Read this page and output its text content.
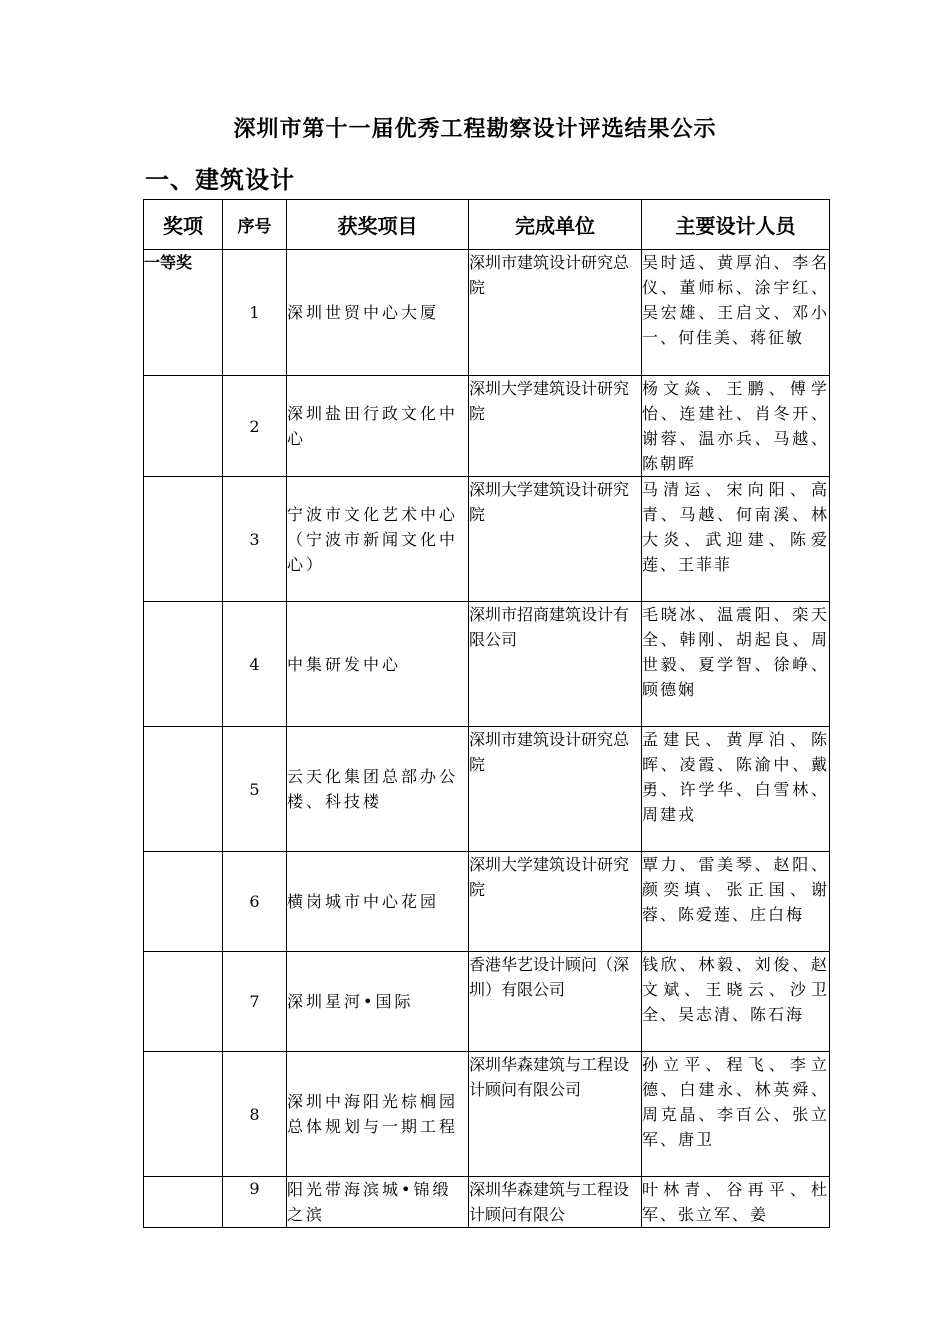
深圳市第十一届优秀工程勘察设计评选结果公示
一、建筑设计
奖项	序号	获奖项目	完成单位	主要设计人员
一等奖	1	深圳世贸中心大厦	深圳市建筑设计研究总院	吴时适、黄厚泊、李名仪、董师标、涂宇红、吴宏雄、王启文、邓小一、何佳美、蒋征敏
	2	深圳盐田行政文化中心	深圳大学建筑设计研究院	杨文焱、王鹏、傅学怡、连建社、肖冬开、谢蓉、温亦兵、马越、陈朝晖
	3	宁波市文化艺术中心（宁波市新闻文化中心）	深圳大学建筑设计研究院	马清运、宋向阳、高青、马越、何南溪、林大炎、武迎建、陈爱莲、王菲菲
	4	中集研发中心	深圳市招商建筑设计有限公司	毛晓冰、温震阳、栾天全、韩刚、胡起良、周世毅、夏学智、徐峥、顾德娴
	5	云天化集团总部办公楼、科技楼	深圳市建筑设计研究总院	孟建民、黄厚泊、陈晖、凌霞、陈渝中、戴勇、许学华、白雪林、周建戎
	6	横岗城市中心花园	深圳大学建筑设计研究院	覃力、雷美琴、赵阳、颜奕填、张正国、谢蓉、陈爱莲、庄白梅
	7	深圳星河•国际	香港华艺设计顾问（深圳）有限公司	钱欣、林毅、刘俊、赵文斌、王晓云、沙卫全、吴志清、陈石海
	8	深圳中海阳光棕榈园总体规划与一期工程	深圳华森建筑与工程设计顾问有限公司	孙立平、程飞、李立德、白建永、林英舜、周克晶、李百公、张立军、唐卫
	9	阳光带海滨城•锦缎之滨	深圳华森建筑与工程设计顾问有限公	叶林青、谷再平、杜军、张立军、姜
